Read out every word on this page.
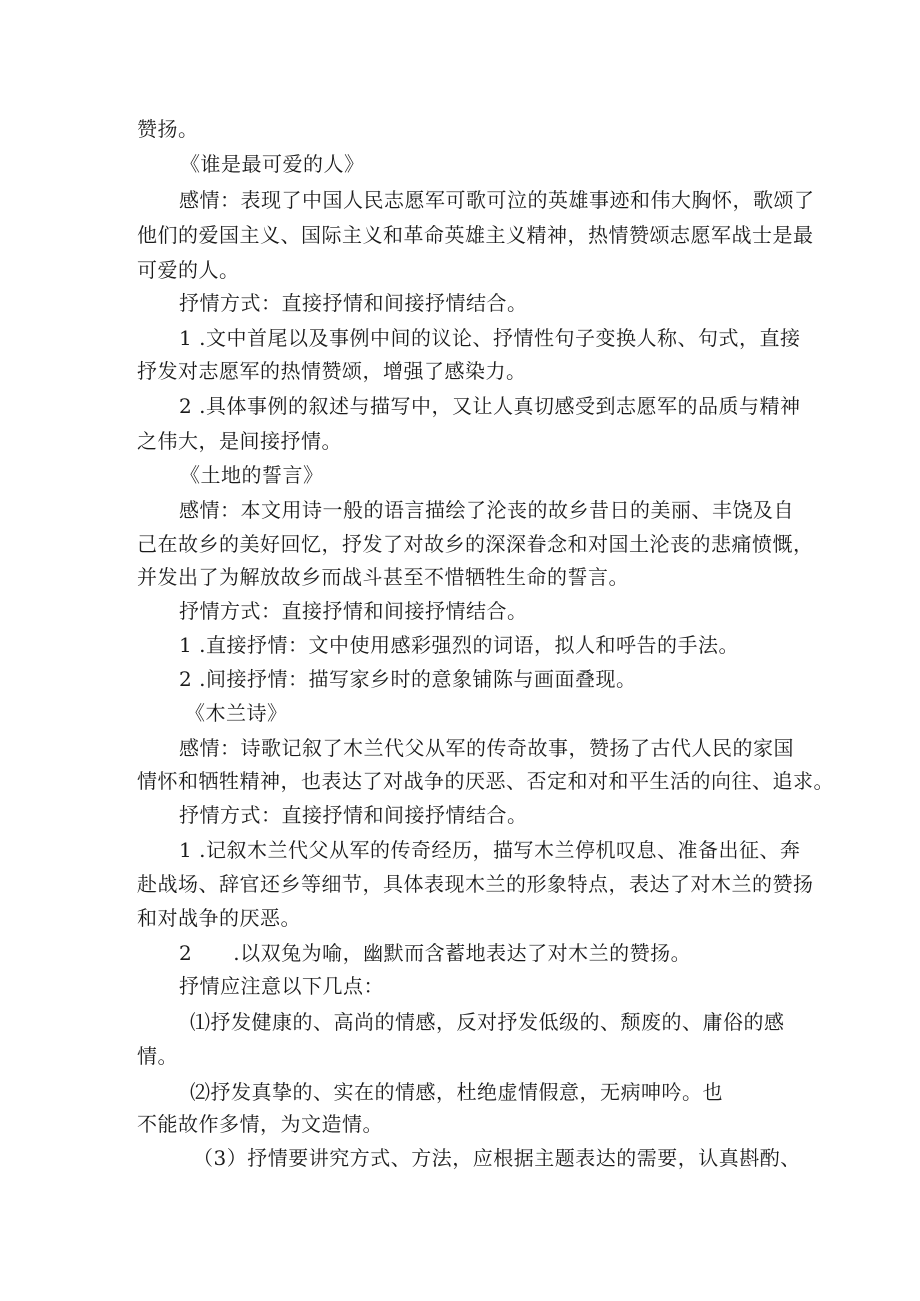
赞扬。
《谁是最可爱的人》
感情：表现了中国人民志愿军可歌可泣的英雄事迹和伟大胸怀，歌颂了
他们的爱国主义、国际主义和革命英雄主义精神，热情赞颂志愿军战士是最
可爱的人。
抒情方式：直接抒情和间接抒情结合。
1 .文中首尾以及事例中间的议论、抒情性句子变换人称、句式，直接
抒发对志愿军的热情赞颂，增强了感染力。
2 .具体事例的叙述与描写中，又让人真切感受到志愿军的品质与精神
之伟大，是间接抒情。
《土地的誓言》
感情：本文用诗一般的语言描绘了沦丧的故乡昔日的美丽、丰饶及自
己在故乡的美好回忆，抒发了对故乡的深深眷念和对国土沦丧的悲痛愤慨，
并发出了为解放故乡而战斗甚至不惜牺牲生命的誓言。
抒情方式：直接抒情和间接抒情结合。
1 .直接抒情：文中使用感彩强烈的词语，拟人和呼告的手法。
2 .间接抒情：描写家乡时的意象铺陈与画面叠现。
《木兰诗》
感情：诗歌记叙了木兰代父从军的传奇故事，赞扬了古代人民的家国
情怀和牺牲精神，也表达了对战争的厌恶、否定和对和平生活的向往、追求。
抒情方式：直接抒情和间接抒情结合。
1 .记叙木兰代父从军的传奇经历，描写木兰停机叹息、准备出征、奔
赴战场、辞官还乡等细节，具体表现木兰的形象特点，表达了对木兰的赞扬
和对战争的厌恶。
2　　.以双兔为喻，幽默而含蓄地表达了对木兰的赞扬。
抒情应注意以下几点：
⑴抒发健康的、高尚的情感，反对抒发低级的、颓废的、庸俗的感
情。
⑵抒发真挚的、实在的情感，杜绝虚情假意，无病呻吟。也
不能故作多情，为文造情。
（3）抒情要讲究方式、方法，应根据主题表达的需要，认真斟酌、
